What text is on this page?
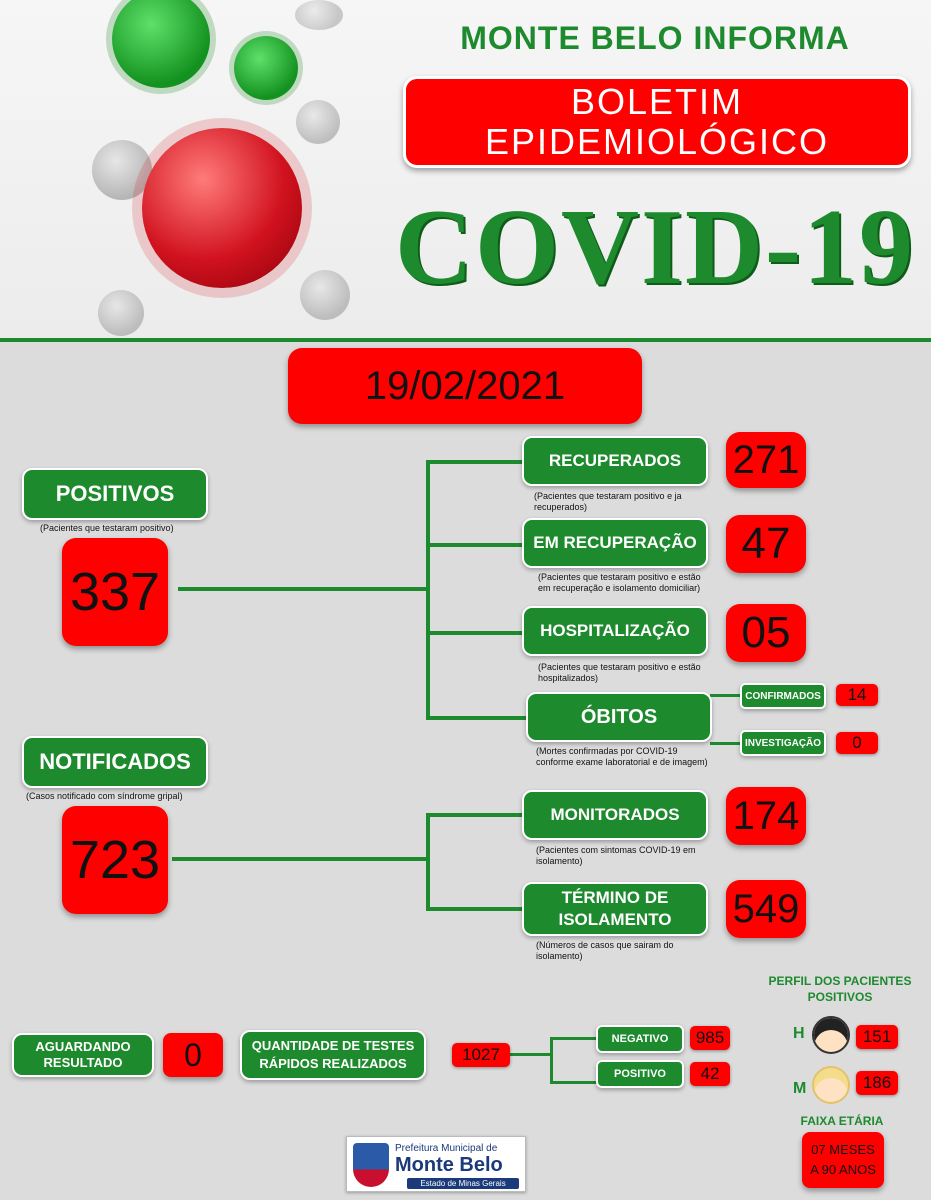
MONTE BELO INFORMA
BOLETIM
EPIDEMIOLÓGICO
COVID-19
19/02/2021
POSITIVOS
(Pacientes que testaram positivo)
337
RECUPERADOS
(Pacientes que testaram positivo e ja recuperados)
271
EM RECUPERAÇÃO
(Pacientes que testaram positivo e estão em recuperação e isolamento domiciliar)
47
HOSPITALIZAÇÃO
(Pacientes que testaram positivo e estão hospitalizados)
05
ÓBITOS
(Mortes confirmadas por COVID-19 conforme exame laboratorial e de imagem)
CONFIRMADOS 14
INVESTIGAÇÃO 0
NOTIFICADOS
(Casos notificado com síndrome gripal)
723
MONITORADOS
(Pacientes com sintomas COVID-19 em isolamento)
174
TÉRMINO DE
ISOLAMENTO
(Números de casos que sairam do isolamento)
549
AGUARDANDO
RESULTADO 0	QUANTIDADE DE TESTES
RÁPIDOS REALIZADOS	1027
NEGATIVO 985
POSITIVO 42
PERFIL DOS PACIENTES
POSITIVOS
H	151
M	186
FAIXA ETÁRIA
07 MESES
A 90 ANOS
Prefeitura Municipal de
Monte Belo
Estado de Minas Gerais
